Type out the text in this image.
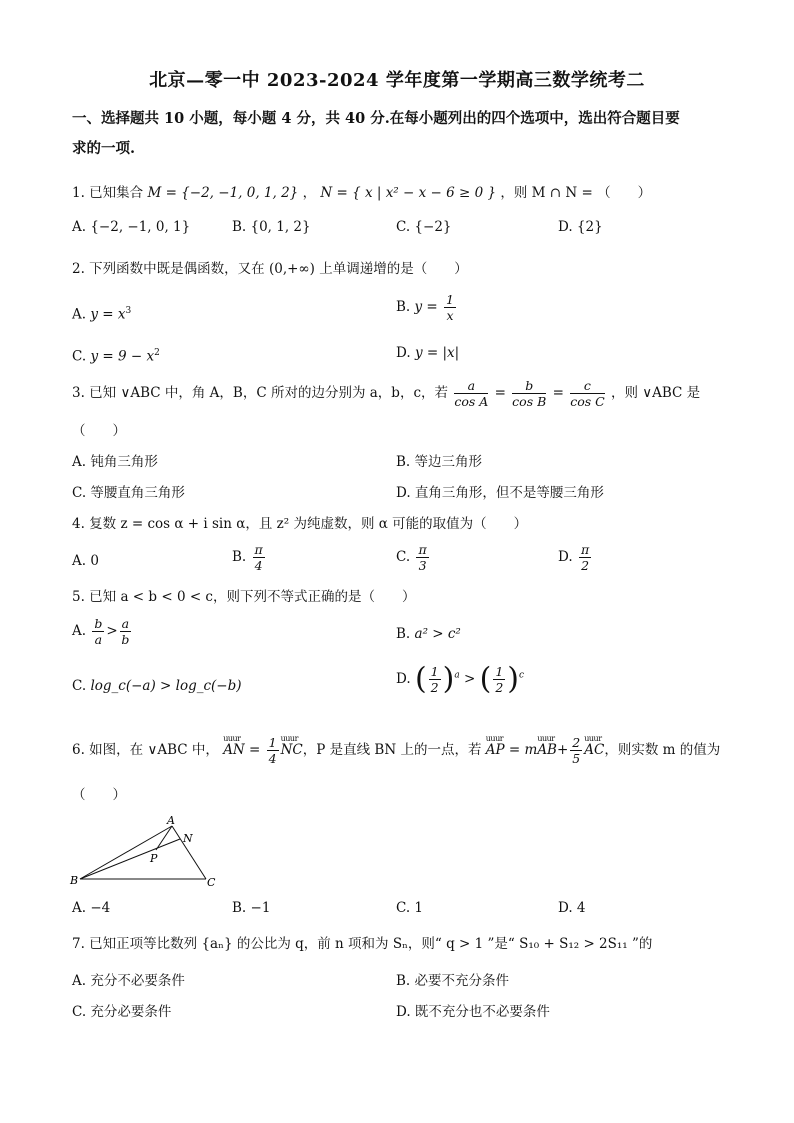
北京—零一中 2023-2024 学年度第一学期高三数学统考二
一、选择题共 10 小题，每小题 4 分，共 40 分.在每小题列出的四个选项中，选出符合题目要
求的一项.
1. 已知集合 M = {−2, −1, 0, 1, 2} ， N = { x | x² − x − 6 ≥ 0 } ，则 M ∩ N = （　　）
A. {−2, −1, 0, 1}	B. {0, 1, 2}	C. {−2}	D. {2}
2. 下列函数中既是偶函数，又在 (0,+∞) 上单调递增的是（　　）
A. $y = x^3$	B. $y = \frac{1}{x}$
C. $y = 9 - x^2$	D. y = |x|
3. 已知 ∨ABC 中，角 A，B，C 所对的边分别为 a，b，c，若 $\frac{a}{\text{cos A}} = \frac{b}{\text{cos B}} = \frac{c}{\text{cos C}}$ ，则 ∨ABC 是
（　　）
A. 钝角三角形	B. 等边三角形
C. 等腰直角三角形	D. 直角三角形，但不是等腰三角形
4. 复数 z = cos α + i sin α，且 z² 为纯虚数，则 α 可能的取值为（　　）
A. 0	B. $\frac{\pi}{4}$	C. $\frac{\pi}{3}$	D. $\frac{\pi}{2}$
5. 已知 a < b < 0 < c，则下列不等式正确的是（　　）
A. $\frac{b}{a} > \frac{a}{b}$	B. a² > c²
C. log_c(−a) > log_c(−b)	D. ( $\frac{1}{2} )^a$ > ( $\frac{1}{2} )^c$
6. 如图，在 ∨ABC 中， uuur AN = $\frac{1}{4}$ uuur NC，P 是直线 BN 上的一点，若 uuur AP = muuur $AB+ \frac{2}{5}$ uuur AC，则实数 m 的值为
（　　）
A
N
P
B	C
A. −4	B. −1	C. 1	D. 4
7. 已知正项等比数列 {aₙ} 的公比为 q，前 n 项和为 Sₙ，则“ q > 1 ”是“ S₁₀ + S₁₂ > 2S₁₁ ”的
A. 充分不必要条件	B. 必要不充分条件
C. 充分必要条件	D. 既不充分也不必要条件
